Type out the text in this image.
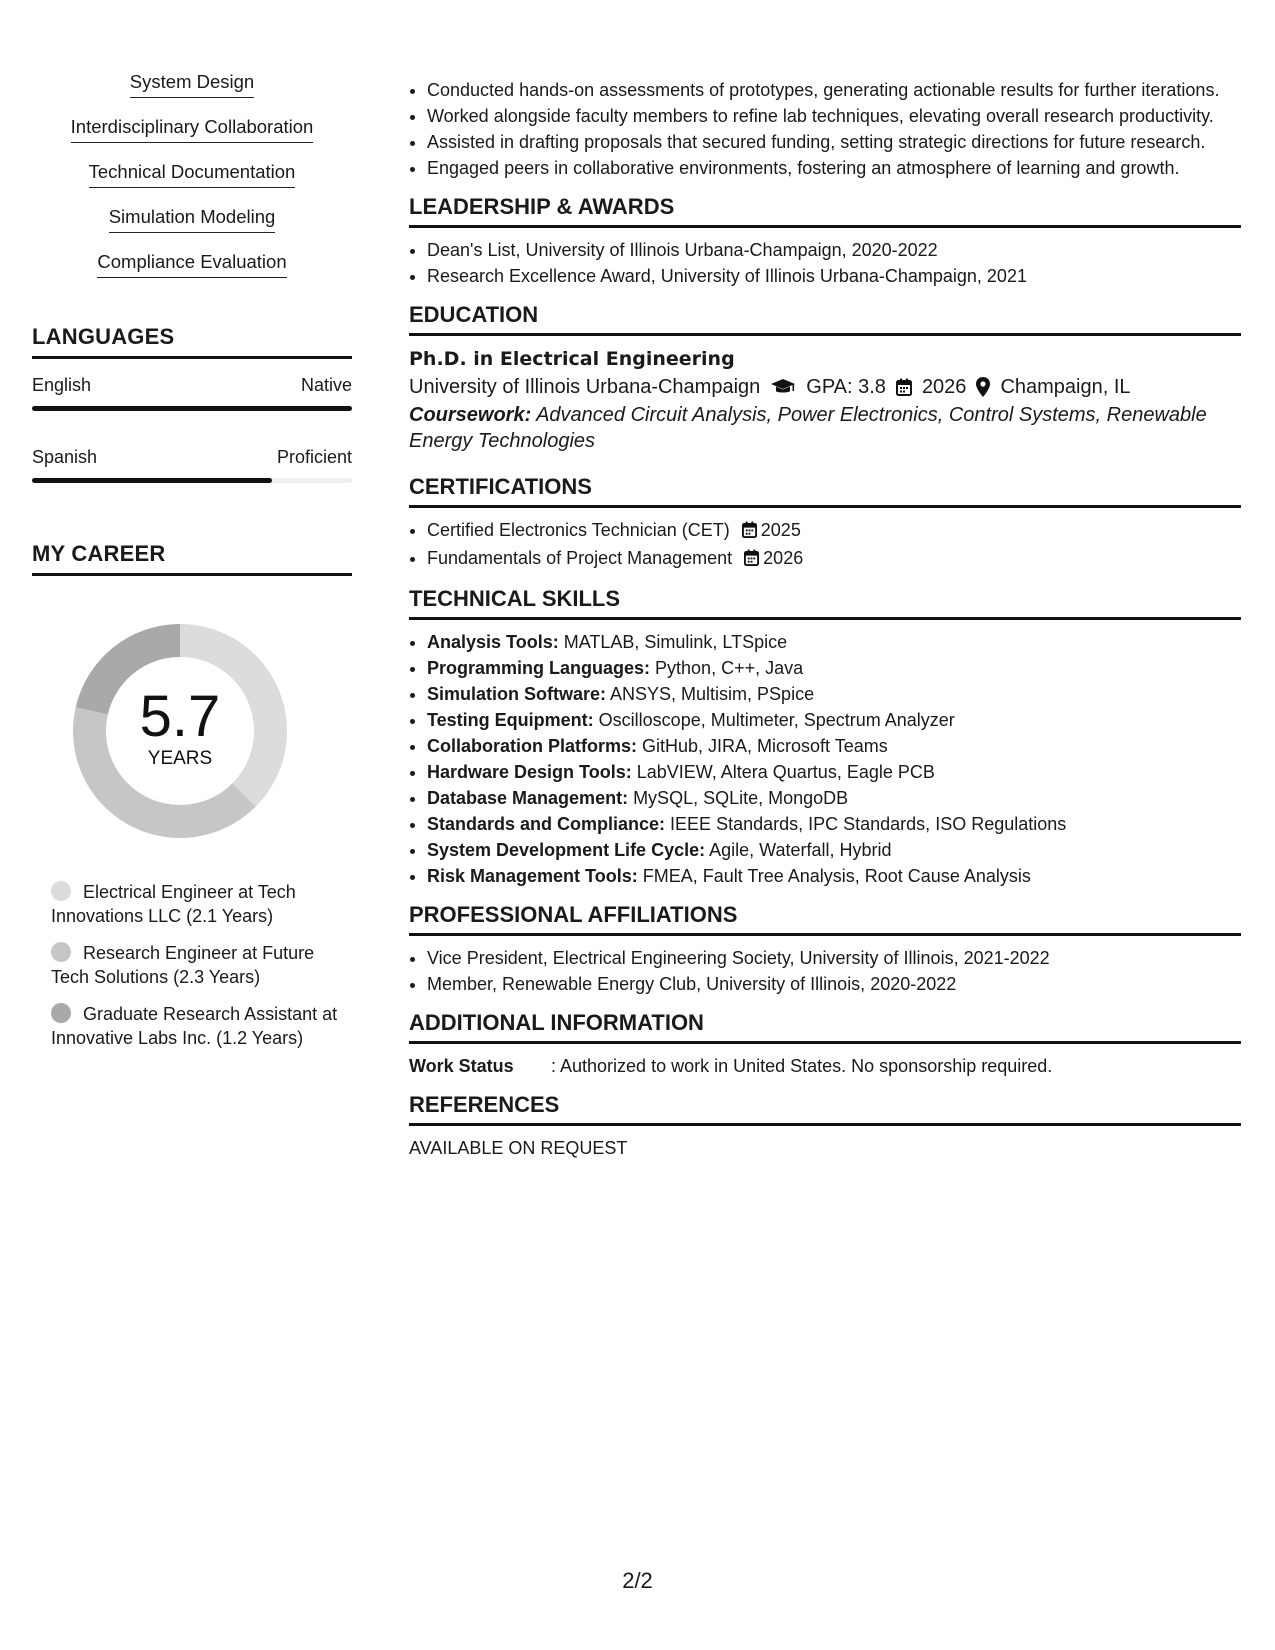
System Design
Interdisciplinary Collaboration
Technical Documentation
Simulation Modeling
Compliance Evaluation
LANGUAGES
English	Native
Spanish	Proficient
MY CAREER
5.7
YEARS
Electrical Engineer at Tech Innovations LLC (2.1 Years)
Research Engineer at Future Tech Solutions (2.3 Years)
Graduate Research Assistant at Innovative Labs Inc. (1.2 Years)
• Conducted hands-on assessments of prototypes, generating actionable results for further iterations.
• Worked alongside faculty members to refine lab techniques, elevating overall research productivity.
• Assisted in drafting proposals that secured funding, setting strategic directions for future research.
• Engaged peers in collaborative environments, fostering an atmosphere of learning and growth.
LEADERSHIP & AWARDS
• Dean's List, University of Illinois Urbana-Champaign, 2020-2022
• Research Excellence Award, University of Illinois Urbana-Champaign, 2021
EDUCATION
Ph.D. in Electrical Engineering
University of Illinois Urbana-Champaign GPA: 3.8 2026 Champaign, IL
Coursework: Advanced Circuit Analysis, Power Electronics, Control Systems, Renewable Energy Technologies
CERTIFICATIONS
• Certified Electronics Technician (CET) 2025
• Fundamentals of Project Management 2026
TECHNICAL SKILLS
• Analysis Tools: MATLAB, Simulink, LTSpice
• Programming Languages: Python, C++, Java
• Simulation Software: ANSYS, Multisim, PSpice
• Testing Equipment: Oscilloscope, Multimeter, Spectrum Analyzer
• Collaboration Platforms: GitHub, JIRA, Microsoft Teams
• Hardware Design Tools: LabVIEW, Altera Quartus, Eagle PCB
• Database Management: MySQL, SQLite, MongoDB
• Standards and Compliance: IEEE Standards, IPC Standards, ISO Regulations
• System Development Life Cycle: Agile, Waterfall, Hybrid
• Risk Management Tools: FMEA, Fault Tree Analysis, Root Cause Analysis
PROFESSIONAL AFFILIATIONS
• Vice President, Electrical Engineering Society, University of Illinois, 2021-2022
• Member, Renewable Energy Club, University of Illinois, 2020-2022
ADDITIONAL INFORMATION
Work Status	: Authorized to work in United States. No sponsorship required.
REFERENCES
AVAILABLE ON REQUEST
2/2
